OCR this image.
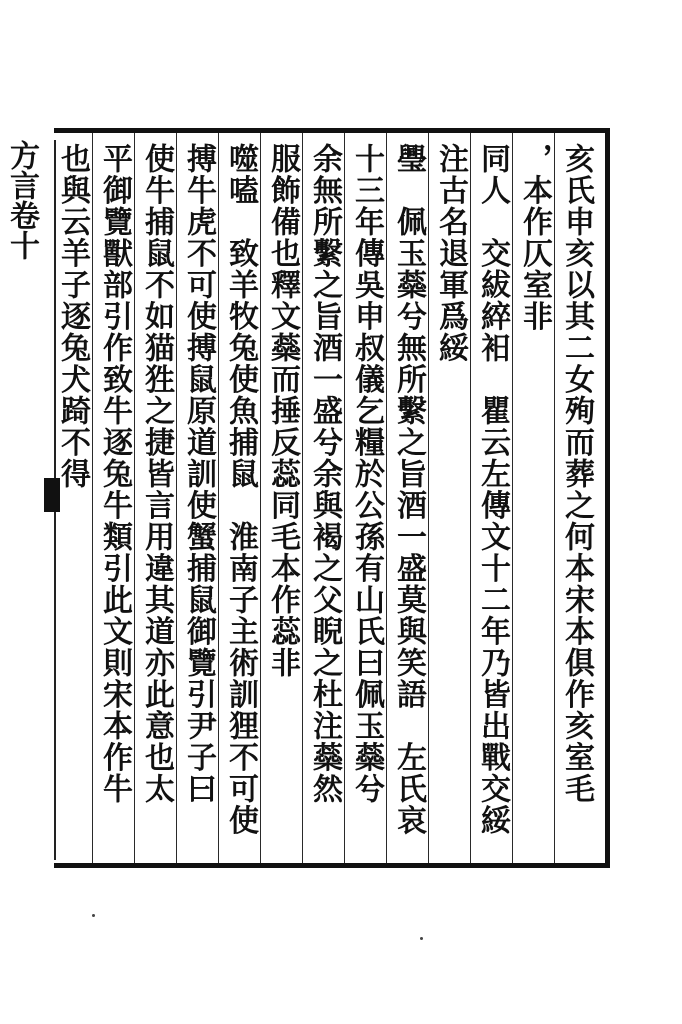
方言卷十	亥氏申亥以其二女殉而葬之何本宋本俱作亥室毛
，本作仄室非
同人　交紱綷衵　瞿云左傳文十二年乃皆出戰交綏
注古名退軍爲綏
璺　佩玉蘂兮無所繫之旨酒一盛莫與笑語　左氏哀
十三年傳吳申叔儀乞糧於公孫有山氏曰佩玉蘂兮
余無所繫之旨酒一盛兮余與褐之父睨之杜注蘂然
服飾備也釋文蘂而捶反蕊同毛本作蕊非
噬嗑　致羊牧兔使魚捕鼠　淮南子主術訓狸不可使
搏牛虎不可使搏鼠原道訓使蟹捕鼠御覽引尹子曰
使牛捕鼠不如猫狌之捷皆言用違其道亦此意也太
平御覽獸部引作致牛逐兔牛類引此文則宋本作牛
也與云羊子逐兔犬踦不得
